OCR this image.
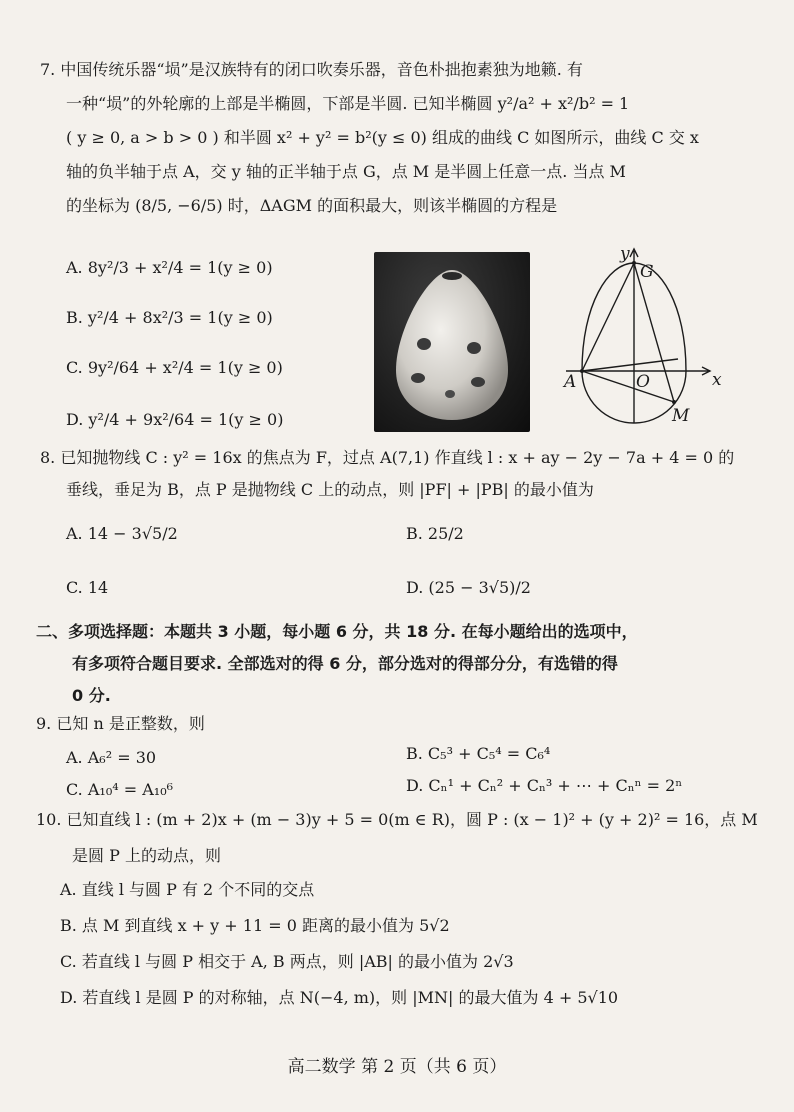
7. 中国传统乐器“埙”是汉族特有的闭口吹奏乐器，音色朴拙抱素独为地籁. 有
一种“埙”的外轮廓的上部是半椭圆，下部是半圆. 已知半椭圆 y²/a² + x²/b² = 1
( y ≥ 0, a > b > 0 ) 和半圆 x² + y² = b²(y ≤ 0) 组成的曲线 C 如图所示，曲线 C 交 x
轴的负半轴于点 A，交 y 轴的正半轴于点 G，点 M 是半圆上任意一点. 当点 M
的坐标为 (8/5, −6/5) 时，ΔAGM 的面积最大，则该半椭圆的方程是
A. 8y²/3 + x²/4 = 1(y ≥ 0)
B. y²/4 + 8x²/3 = 1(y ≥ 0)
C. 9y²/64 + x²/4 = 1(y ≥ 0)
D. y²/4 + 9x²/64 = 1(y ≥ 0)
y
x
G
A	O
M
8. 已知抛物线 C : y² = 16x 的焦点为 F，过点 A(7,1) 作直线 l : x + ay − 2y − 7a + 4 = 0 的
垂线，垂足为 B，点 P 是抛物线 C 上的动点，则 |PF| + |PB| 的最小值为
A. 14 − 3√5/2	B. 25/2
C. 14	D. (25 − 3√5)/2
二、多项选择题：本题共 3 小题，每小题 6 分，共 18 分. 在每小题给出的选项中，
有多项符合题目要求. 全部选对的得 6 分，部分选对的得部分分，有选错的得
0 分.
9. 已知 n 是正整数，则
A. A₆² = 30	B. C₅³ + C₅⁴ = C₆⁴
C. A₁₀⁴ = A₁₀⁶	D. Cₙ¹ + Cₙ² + Cₙ³ + ⋯ + Cₙⁿ = 2ⁿ
10. 已知直线 l : (m + 2)x + (m − 3)y + 5 = 0(m ∈ R)，圆 P : (x − 1)² + (y + 2)² = 16，点 M
是圆 P 上的动点，则
A. 直线 l 与圆 P 有 2 个不同的交点
B. 点 M 到直线 x + y + 11 = 0 距离的最小值为 5√2
C. 若直线 l 与圆 P 相交于 A, B 两点，则 |AB| 的最小值为 2√3
D. 若直线 l 是圆 P 的对称轴，点 N(−4, m)，则 |MN| 的最大值为 4 + 5√10
高二数学 第 2 页（共 6 页）
